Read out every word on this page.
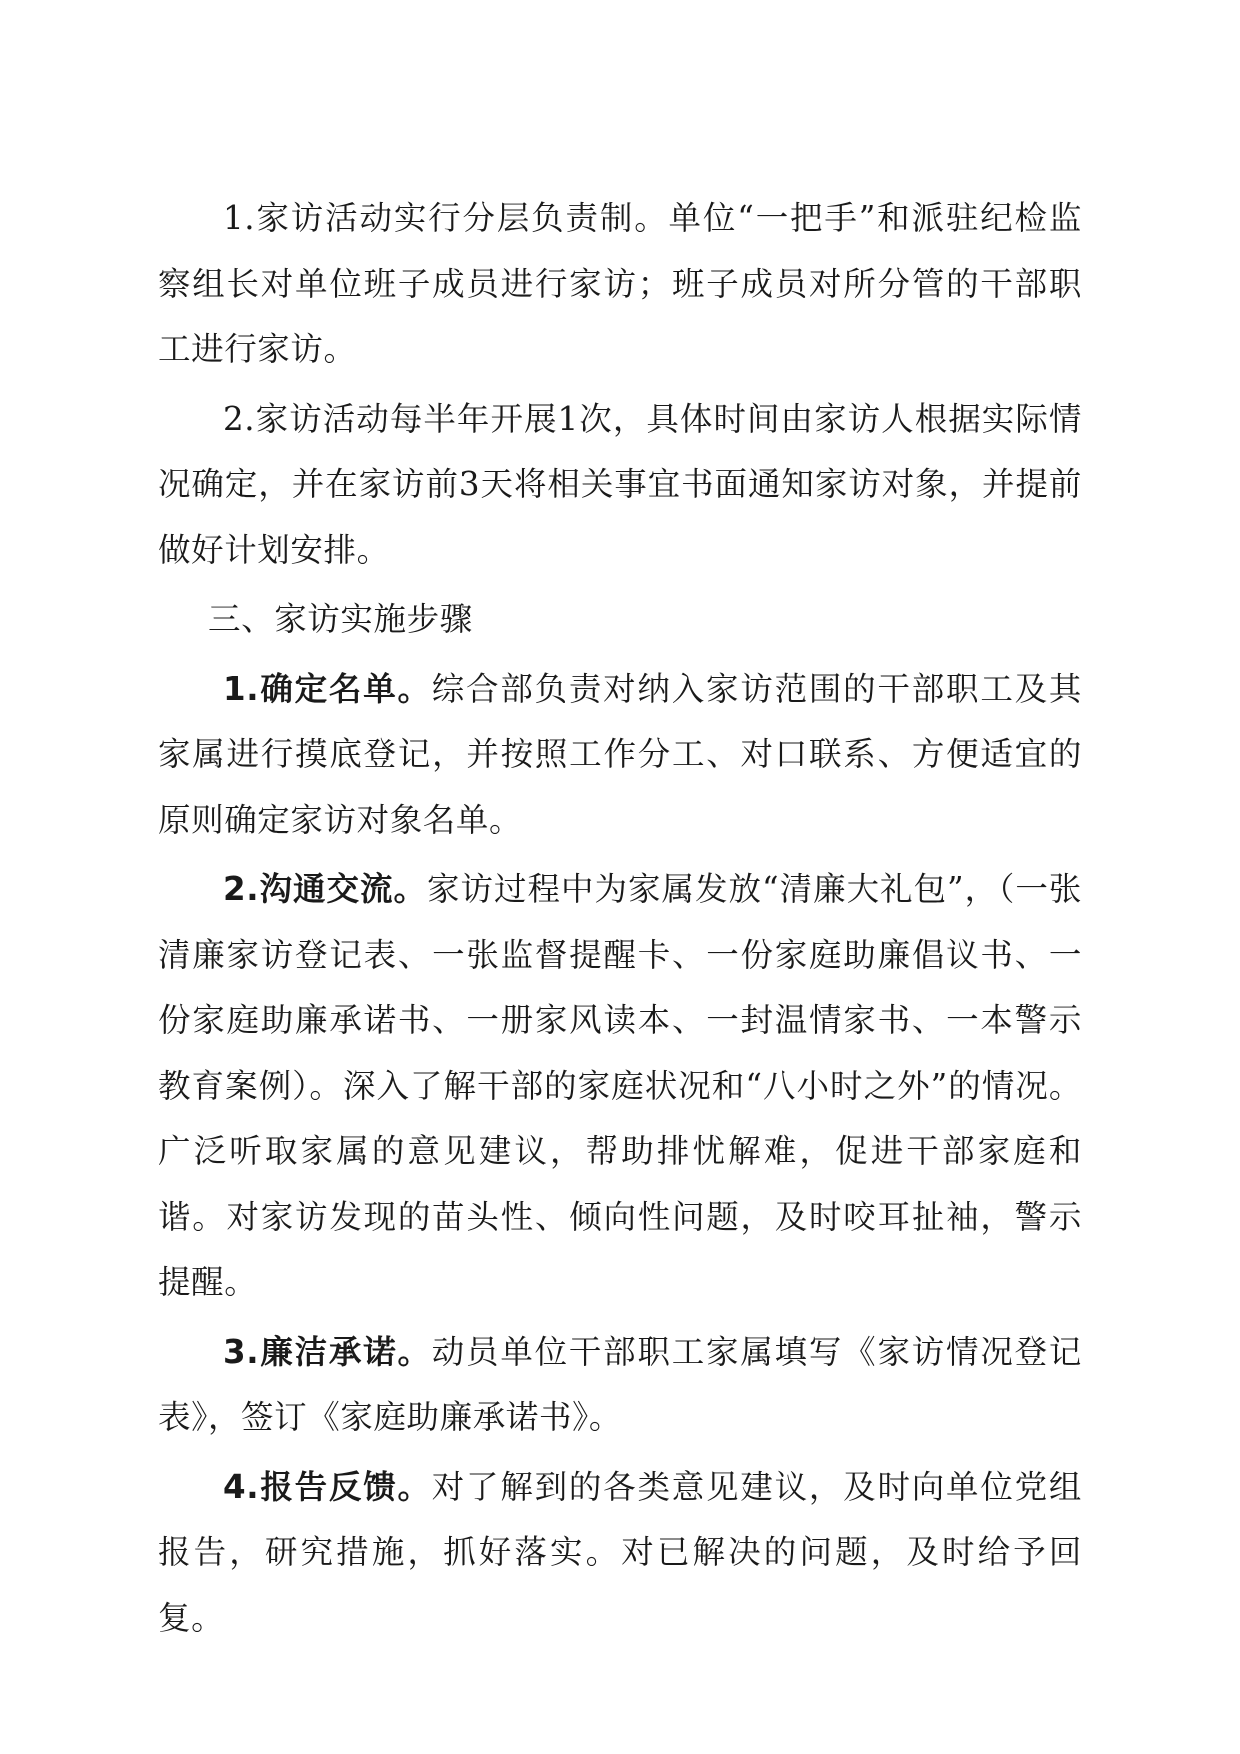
1.家访活动实行分层负责制。单位“一把手”和派驻纪检监察组长对单位班子成员进行家访；班子成员对所分管的干部职工进行家访。

2.家访活动每半年开展1次，具体时间由家访人根据实际情况确定，并在家访前3天将相关事宜书面通知家访对象，并提前做好计划安排。

三、家访实施步骤

1.确定名单。综合部负责对纳入家访范围的干部职工及其家属进行摸底登记，并按照工作分工、对口联系、方便适宜的原则确定家访对象名单。

2.沟通交流。家访过程中为家属发放“清廉大礼包”，（一张清廉家访登记表、一张监督提醒卡、一份家庭助廉倡议书、一份家庭助廉承诺书、一册家风读本、一封温情家书、一本警示教育案例）。深入了解干部的家庭状况和“八小时之外”的情况。广泛听取家属的意见建议，帮助排忧解难，促进干部家庭和谐。对家访发现的苗头性、倾向性问题，及时咬耳扯袖，警示提醒。

3.廉洁承诺。动员单位干部职工家属填写《家访情况登记表》，签订《家庭助廉承诺书》。

4.报告反馈。对了解到的各类意见建议，及时向单位党组报告，研究措施，抓好落实。对已解决的问题，及时给予回复。
